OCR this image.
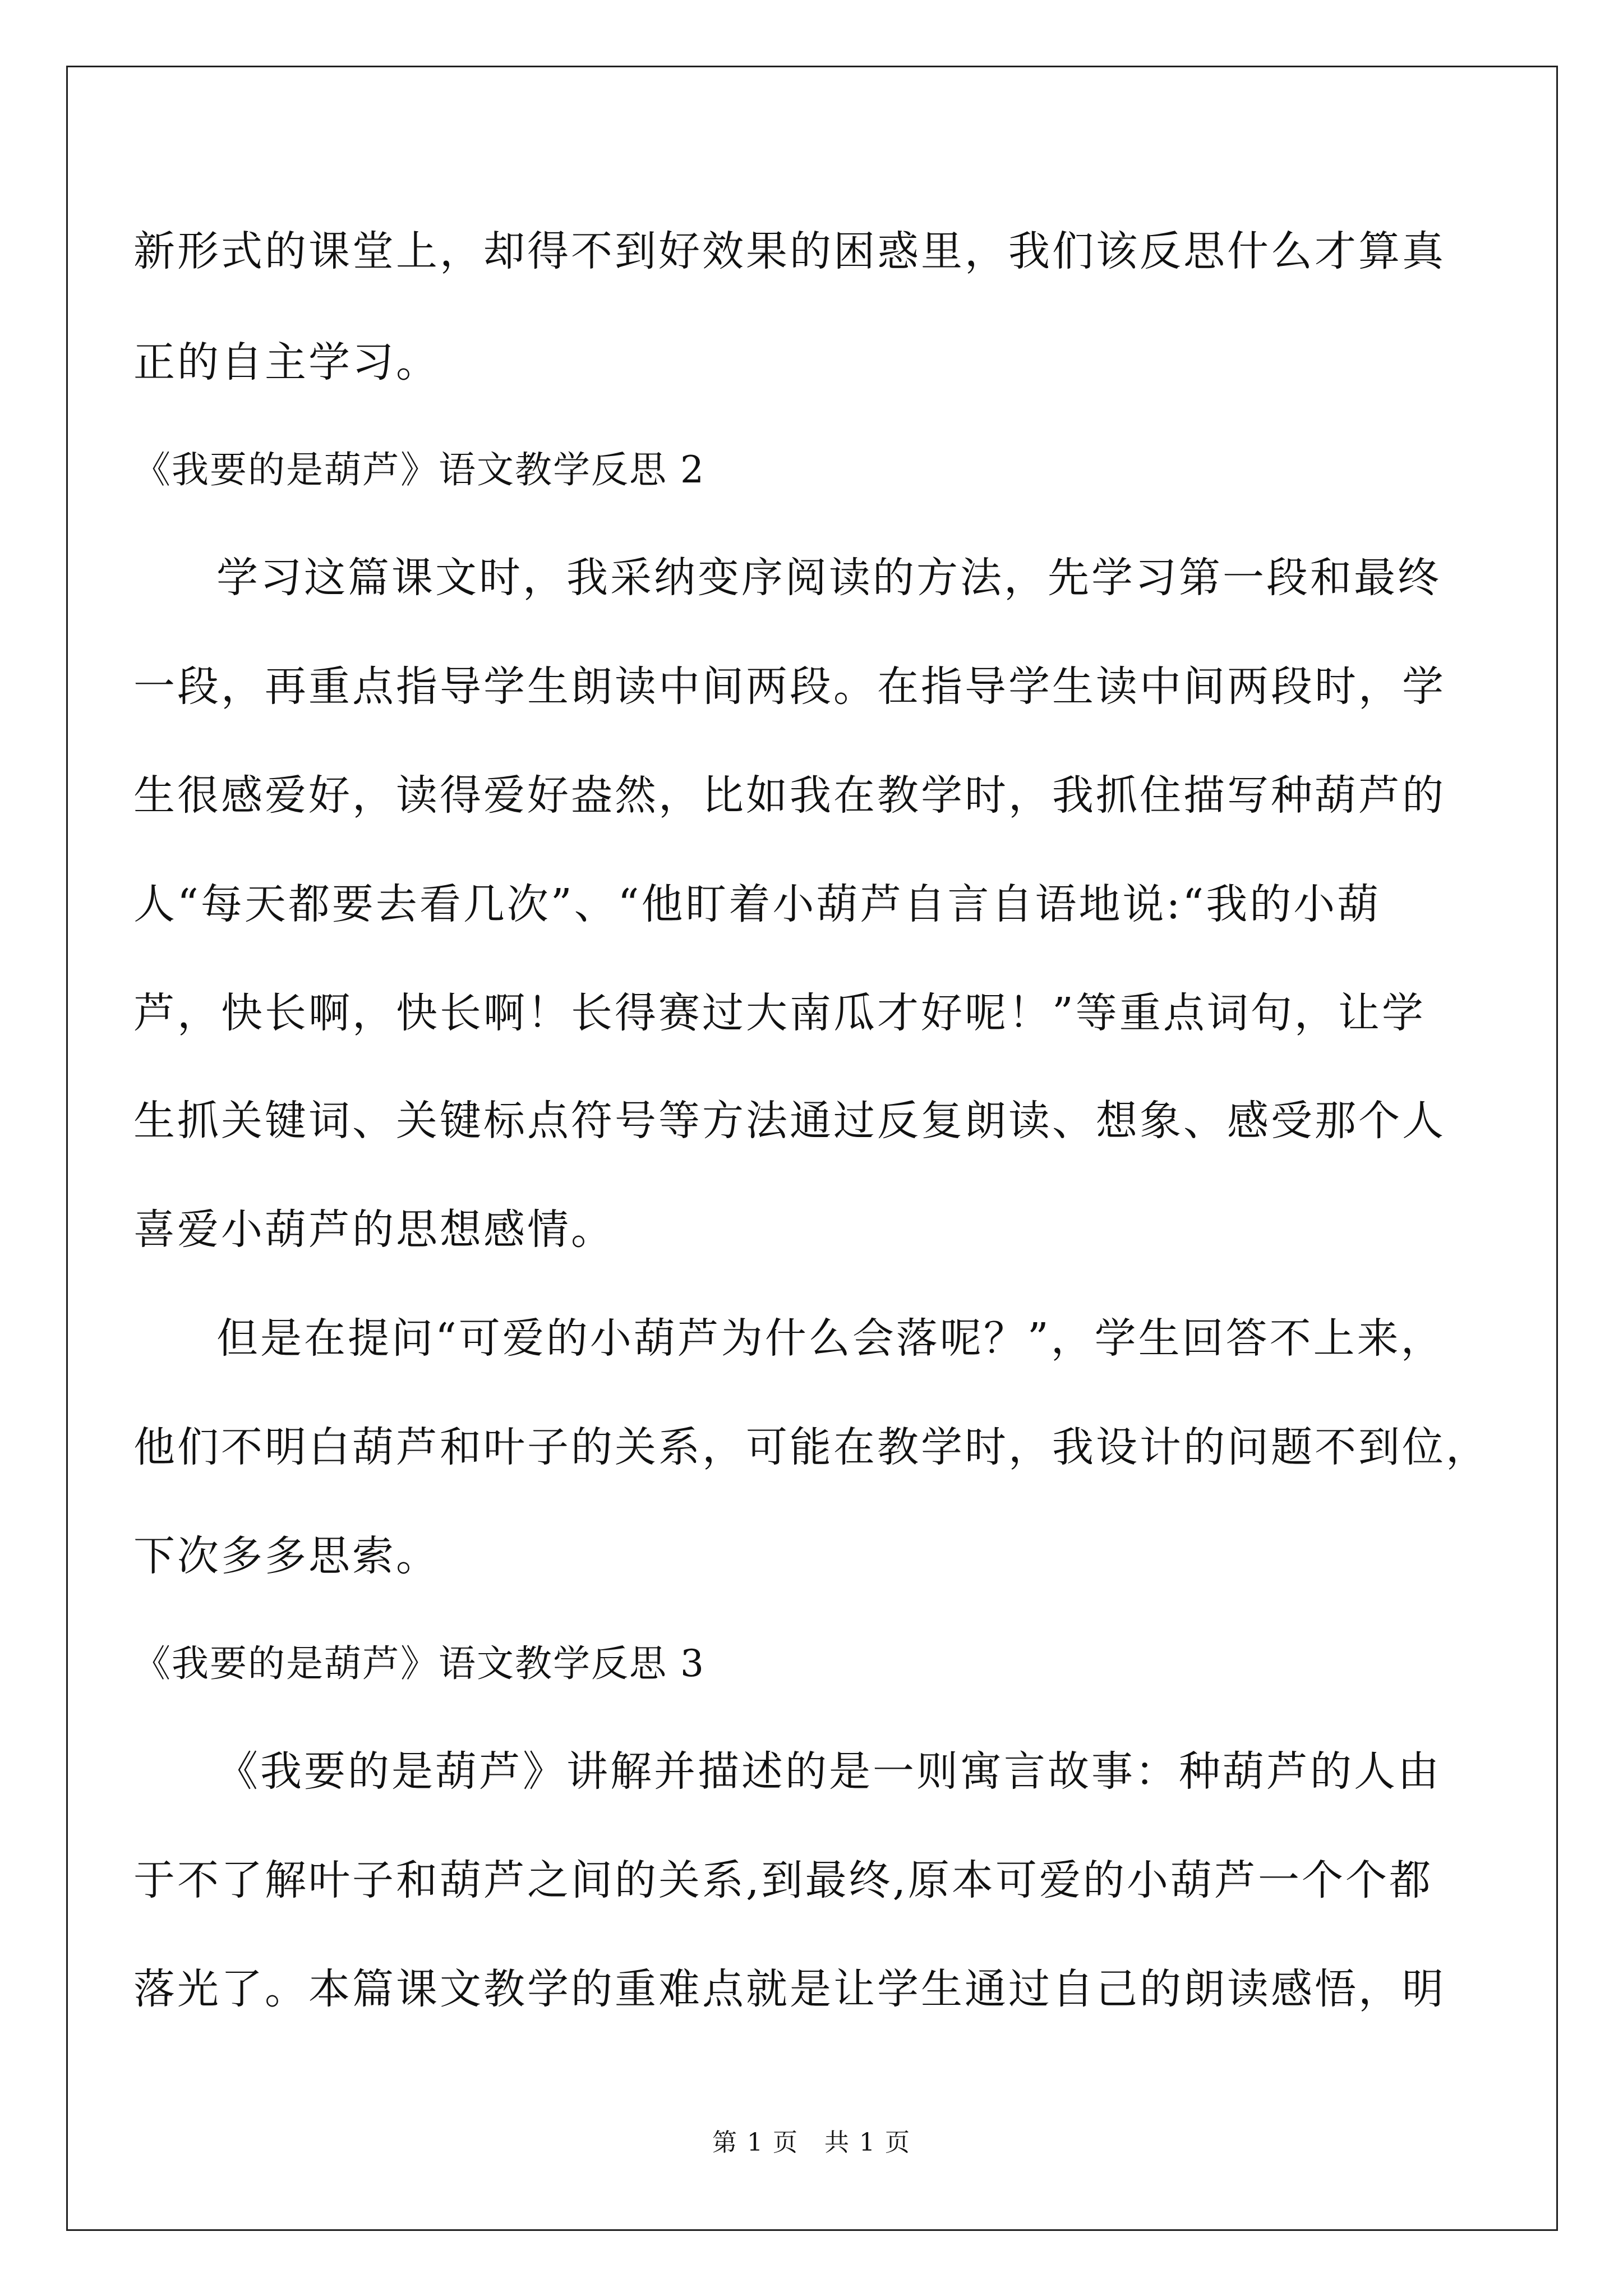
新形式的课堂上，却得不到好效果的困惑里，我们该反思什么才算真
正的自主学习。
《我要的是葫芦》语文教学反思 2
学习这篇课文时，我采纳变序阅读的方法，先学习第一段和最终
一段，再重点指导学生朗读中间两段。在指导学生读中间两段时，学
生很感爱好，读得爱好盎然，比如我在教学时，我抓住描写种葫芦的
人“每天都要去看几次”、“他盯着小葫芦自言自语地说:“我的小葫
芦，快长啊，快长啊！长得赛过大南瓜才好呢！”等重点词句，让学
生抓关键词、关键标点符号等方法通过反复朗读、想象、感受那个人
喜爱小葫芦的思想感情。
但是在提问“可爱的小葫芦为什么会落呢？”，学生回答不上来，
他们不明白葫芦和叶子的关系，可能在教学时，我设计的问题不到位，
下次多多思索。
《我要的是葫芦》语文教学反思 3
《我要的是葫芦》讲解并描述的是一则寓言故事：种葫芦的人由
于不了解叶子和葫芦之间的关系,到最终,原本可爱的小葫芦一个个都
落光了。本篇课文教学的重难点就是让学生通过自己的朗读感悟，明
第 1 页　共 1 页
